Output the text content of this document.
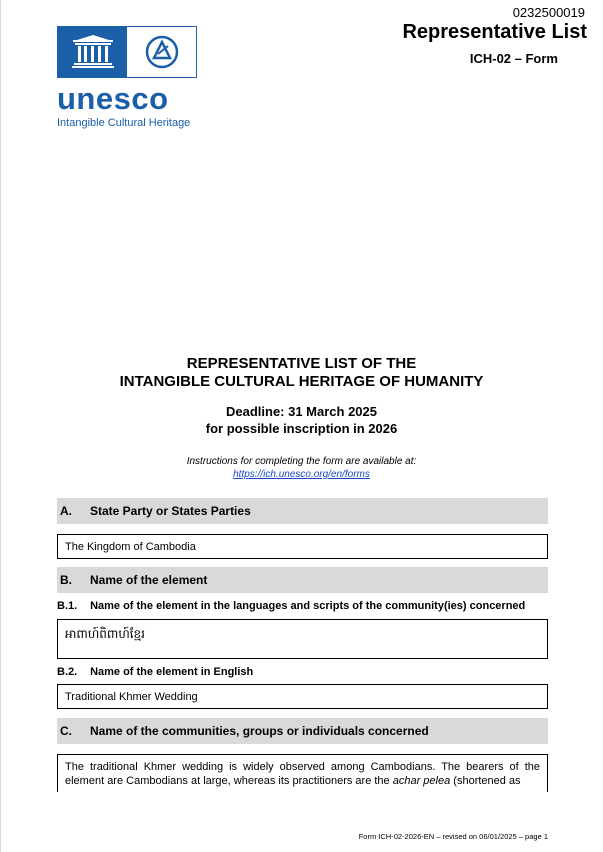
0232500019
Representative List
ICH-02 – Form
unesco
Intangible Cultural Heritage
REPRESENTATIVE LIST OF THE
INTANGIBLE CULTURAL HERITAGE OF HUMANITY
Deadline: 31 March 2025
for possible inscription in 2026
Instructions for completing the form are available at:
https://ich.unesco.org/en/forms
A.	State Party or States Parties
The Kingdom of Cambodia
B.	Name of the element
B.1. Name of the element in the languages and scripts of the community(ies) concerned
អាពាហ៍ពិពាហ៍ខ្មែរ
B.2. Name of the element in English
Traditional Khmer Wedding
C.	Name of the communities, groups or individuals concerned
The traditional Khmer wedding is widely observed among Cambodians. The bearers of the element are Cambodians at large, whereas its practitioners are the achar pelea (shortened as
Form ICH-02-2026-EN – revised on 06/01/2025 – page 1
